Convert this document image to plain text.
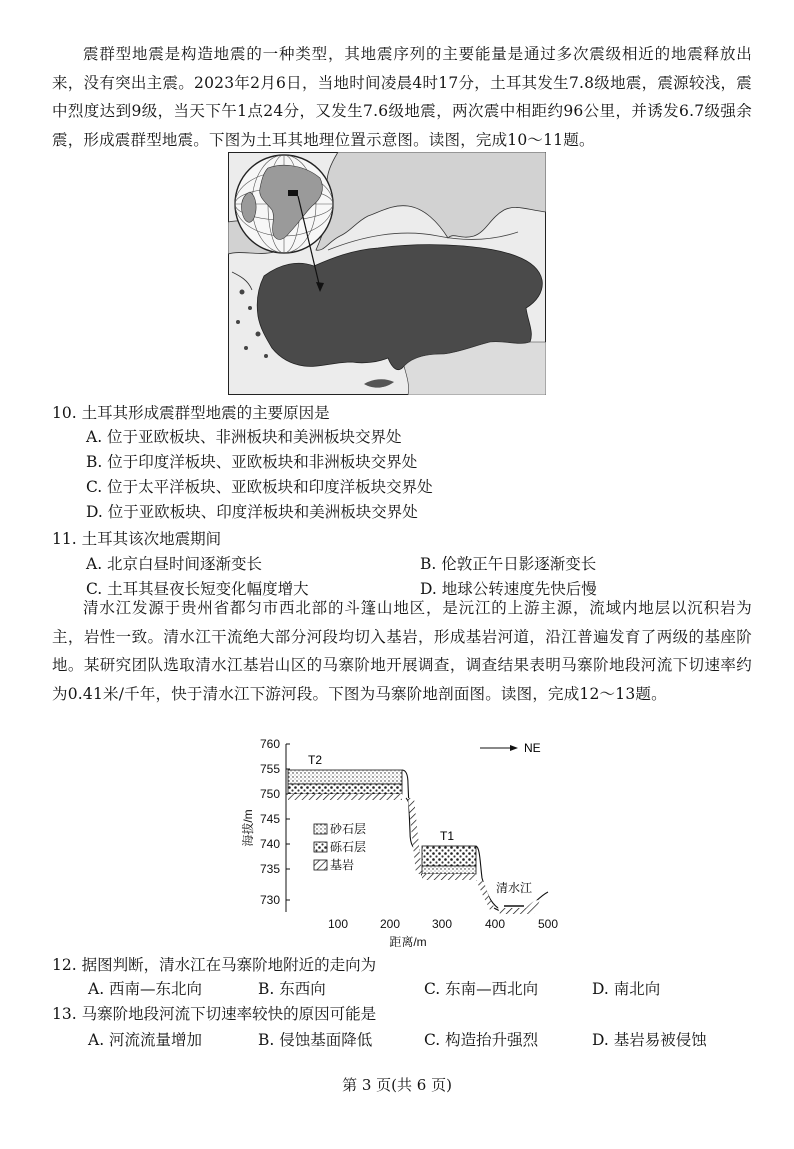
震群型地震是构造地震的一种类型，其地震序列的主要能量是通过多次震级相近的地震释放出来，没有突出主震。2023年2月6日，当地时间凌晨4时17分，土耳其发生7.8级地震，震源较浅，震中烈度达到9级，当天下午1点24分，又发生7.6级地震，两次震中相距约96公里，并诱发6.7级强余震，形成震群型地震。下图为土耳其地理位置示意图。读图，完成10～11题。
10. 土耳其形成震群型地震的主要原因是
A. 位于亚欧板块、非洲板块和美洲板块交界处
B. 位于印度洋板块、亚欧板块和非洲板块交界处
C. 位于太平洋板块、亚欧板块和印度洋板块交界处
D. 位于亚欧板块、印度洋板块和美洲板块交界处
11. 土耳其该次地震期间
A. 北京白昼时间逐渐变长	B. 伦敦正午日影逐渐变长
C. 土耳其昼夜长短变化幅度增大	D. 地球公转速度先快后慢
清水江发源于贵州省都匀市西北部的斗篷山地区，是沅江的上游主源，流域内地层以沉积岩为主，岩性一致。清水江干流绝大部分河段均切入基岩，形成基岩河道，沿江普遍发育了两级的基座阶地。某研究团队选取清水江基岩山区的马寨阶地开展调查，调查结果表明马寨阶地段河流下切速率约为0.41米/千年，快于清水江下游河段。下图为马寨阶地剖面图。读图，完成12～13题。
760
755
750
745
740
735
730
100	200	300	400	500
距离/m
海拔/m
NE
T2
T1
清水江
砂石层
砾石层
基岩
12. 据图判断，清水江在马寨阶地附近的走向为
A. 西南—东北向	B. 东西向	C. 东南—西北向	D. 南北向
13. 马寨阶地段河流下切速率较快的原因可能是
A. 河流流量增加	B. 侵蚀基面降低	C. 构造抬升强烈	D. 基岩易被侵蚀
第 3 页(共 6 页)
